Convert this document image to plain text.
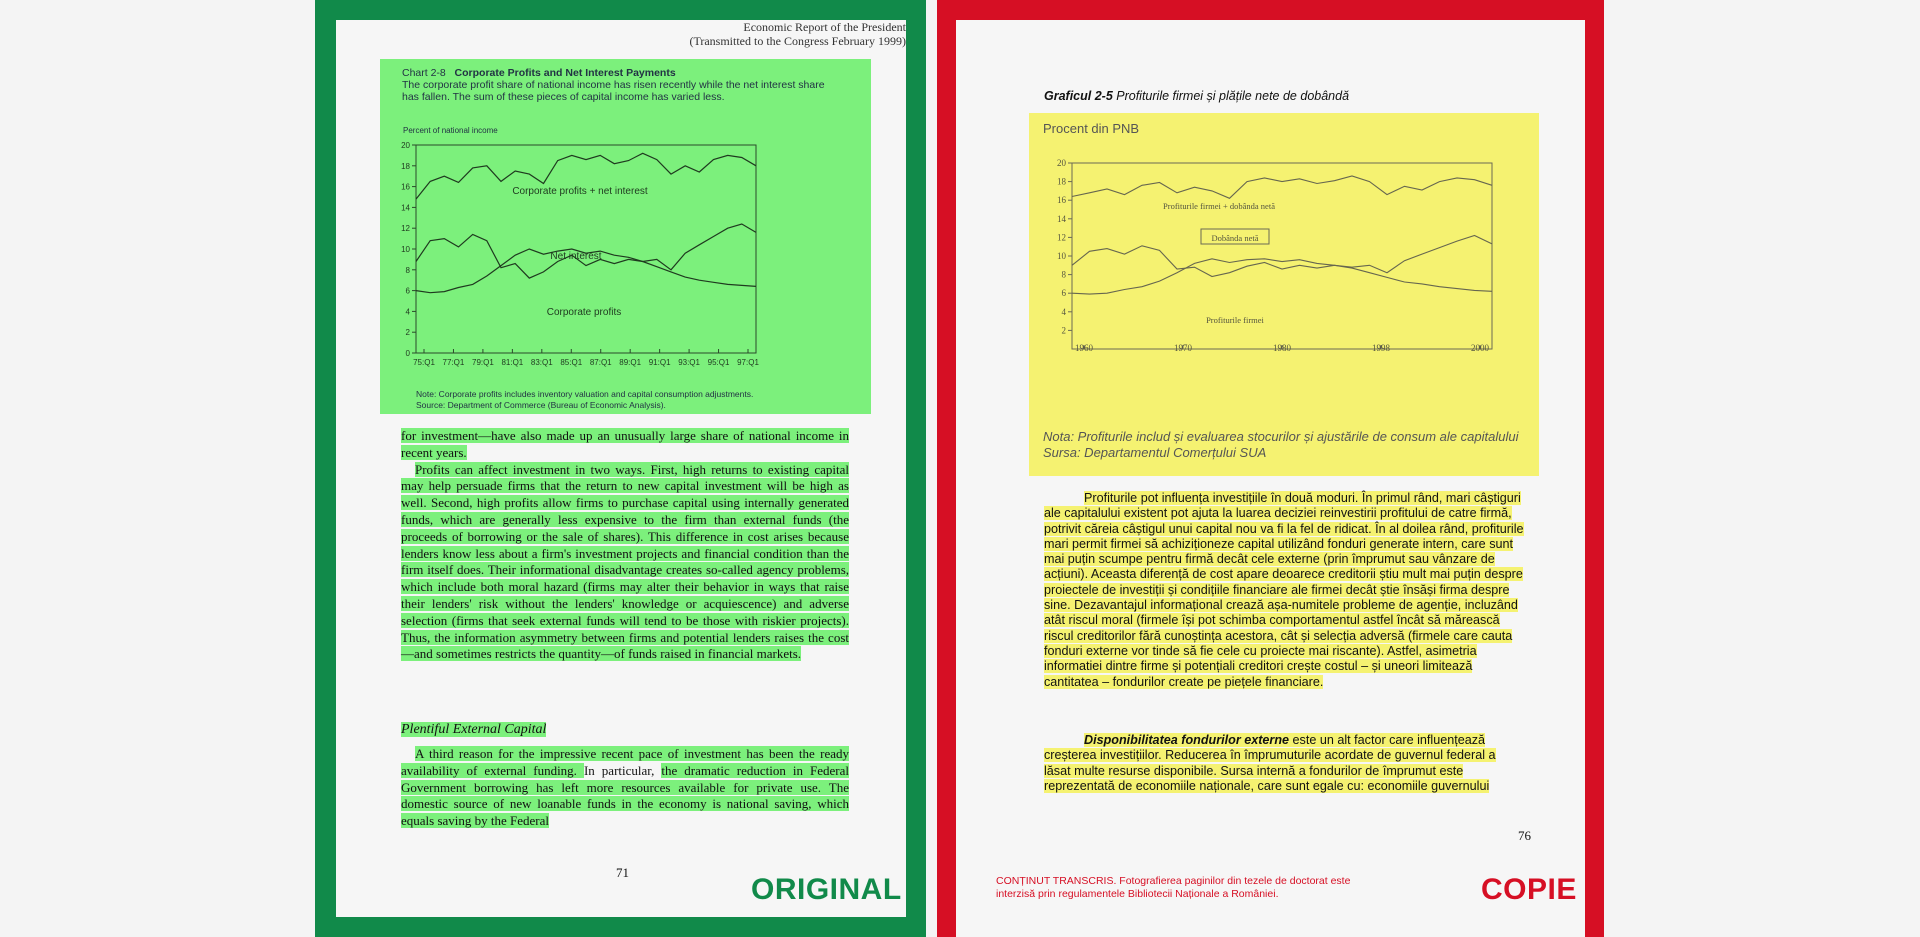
Economic Report of the President
(Transmitted to the Congress February 1999)
Chart 2-8 Corporate Profits and Net Interest Payments
The corporate profit share of national income has risen recently while the net interest share has fallen. The sum of these pieces of capital income has varied less.
Percent of national income
0
2
4
6
8
10
12
14
16
18
20
75:Q1 77:Q1 79:Q1 81:Q1 83:Q1 85:Q1 87:Q1 89:Q1 91:Q1 93:Q1 95:Q1 97:Q1
Corporate profits + net interest
Net interest
Corporate profits
Note: Corporate profits includes inventory valuation and capital consumption adjustments.
Source: Department of Commerce (Bureau of Economic Analysis).

for investment—have also made up an unusually large share of national income in recent years.

Profits can affect investment in two ways. First, high returns to existing capital may help persuade firms that the return to new capital investment will be high as well. Second, high profits allow firms to purchase capital using internally generated funds, which are generally less expensive to the firm than external funds (the proceeds of borrowing or the sale of shares). This difference in cost arises because lenders know less about a firm's investment projects and financial condition than the firm itself does. Their informational disadvantage creates so-called agency problems, which include both moral hazard (firms may alter their behavior in ways that raise their lenders' risk without the lenders' knowledge or acquiescence) and adverse selection (firms that seek external funds will tend to be those with riskier projects). Thus, the information asymmetry between firms and potential lenders raises the cost—and sometimes restricts the quantity—of funds raised in financial markets.

Plentiful External Capital

A third reason for the impressive recent pace of investment has been the ready availability of external funding. In particular, the dramatic reduction in Federal Government borrowing has left more resources available for private use. The domestic source of new loanable funds in the economy is national saving, which equals saving by the Federal

71
ORIGINAL
Graficul 2-5 Profiturile firmei și plățile nete de dobândă
Procent din PNB
2
4
6
8
10
12
14
16
18
20
1960	1970	1980	1998	2000
Profiturile firmei + dobânda netă
Dobânda netă
Profiturile firmei
Nota: Profiturile includ și evaluarea stocurilor și ajustările de consum ale capitalului
Sursa: Departamentul Comerțului SUA
Profiturile pot influența investițiile în două moduri. În primul rând, mari câștiguri ale capitalului existent pot ajuta la luarea deciziei reinvestirii profitului de catre firmă, potrivit căreia câștigul unui capital nou va fi la fel de ridicat. În al doilea rând, profiturile mari permit firmei să achiziționeze capital utilizând fonduri generate intern, care sunt mai puțin scumpe pentru firmă decât cele externe (prin împrumut sau vânzare de acțiuni). Aceasta diferență de cost apare deoarece creditorii știu mult mai puțin despre proiectele de investiții și condițiile financiare ale firmei decât știe însăși firma despre sine. Dezavantajul informațional crează așa-numitele probleme de agenție, incluzând atât riscul moral (firmele își pot schimba comportamentul astfel încât să mărească riscul creditorilor fără cunoștința acestora, cât și selecția adversă (firmele care cauta fonduri externe vor tinde să fie cele cu proiecte mai riscante). Astfel, asimetria informatiei dintre firme și potențiali creditori crește costul – și uneori limitează cantitatea – fondurilor create pe piețele financiare.
Disponibilitatea fondurilor externe este un alt factor care influențează creșterea investițiilor. Reducerea în împrumuturile acordate de guvernul federal a lăsat multe resurse disponibile. Sursa internă a fondurilor de împrumut este reprezentată de economiile naționale, care sunt egale cu: economiile guvernului
76
CONȚINUT TRANSCRIS. Fotografierea paginilor din tezele de doctorat este
interzisă prin regulamentele Bibliotecii Naționale a României.	COPIE
